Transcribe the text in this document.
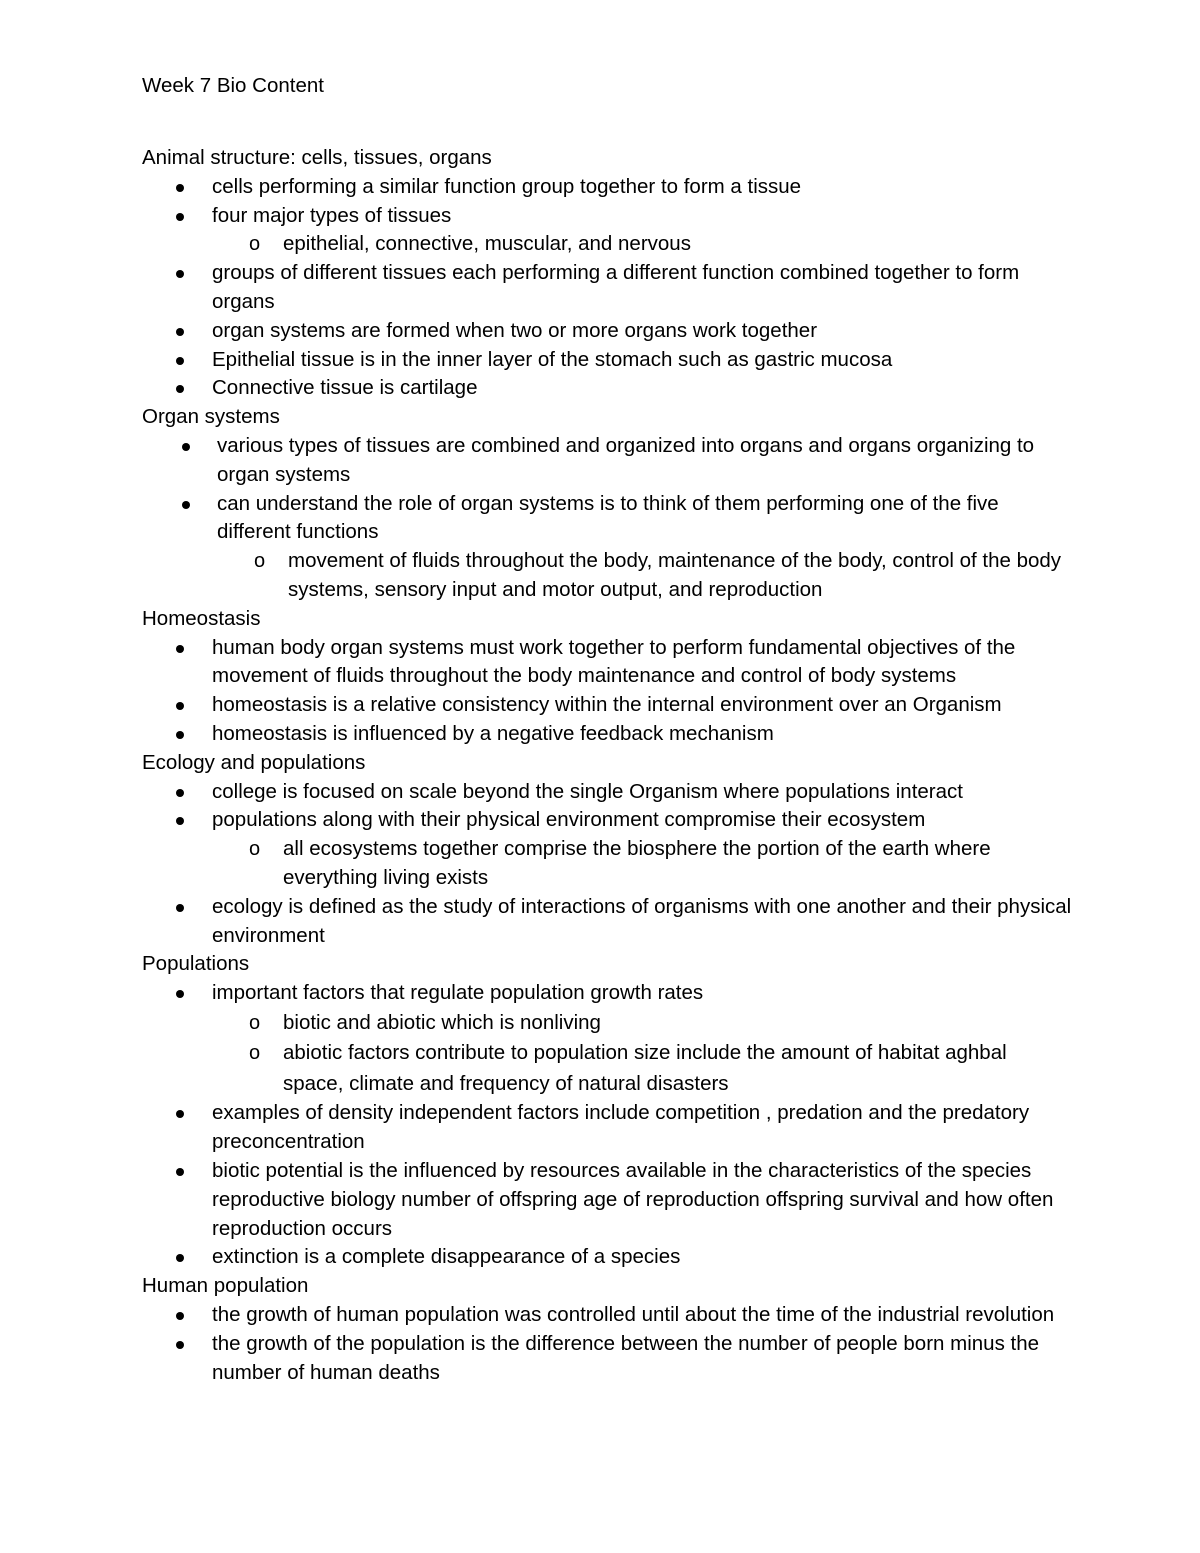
Week 7 Bio Content
Animal structure: cells, tissues, organs
cells performing a similar function group together to form a tissue
four major types of tissues
o epithelial, connective, muscular, and nervous
groups of different tissues each performing a different function combined together to form organs
organ systems are formed when two or more organs work together
Epithelial tissue is in the inner layer of the stomach such as gastric mucosa
Connective tissue is cartilage
Organ systems
various types of tissues are combined and organized into organs and organs organizing to organ systems
can understand the role of organ systems is to think of them performing one of the five different functions
o movement of fluids throughout the body, maintenance of the body, control of the body systems, sensory input and motor output, and reproduction
Homeostasis
human body organ systems must work together to perform fundamental objectives of the movement of fluids throughout the body maintenance and control of body systems
homeostasis is a relative consistency within the internal environment over an Organism
homeostasis is influenced by a negative feedback mechanism
Ecology and populations
college is focused on scale beyond the single Organism where populations interact
populations along with their physical environment compromise their ecosystem
o all ecosystems together comprise the biosphere the portion of the earth where everything living exists
ecology is defined as the study of interactions of organisms with one another and their physical environment
Populations
important factors that regulate population growth rates
o biotic and abiotic which is nonliving
o abiotic factors contribute to population size include the amount of habitat aghbal space, climate and frequency of natural disasters
examples of density independent factors include competition , predation and the predatory preconcentration
biotic potential is the influenced by resources available in the characteristics of the species reproductive biology number of offspring age of reproduction offspring survival and how often reproduction occurs
extinction is a complete disappearance of a species
Human population
the growth of human population was controlled until about the time of the industrial revolution
the growth of the population is the difference between the number of people born minus the number of human deaths
